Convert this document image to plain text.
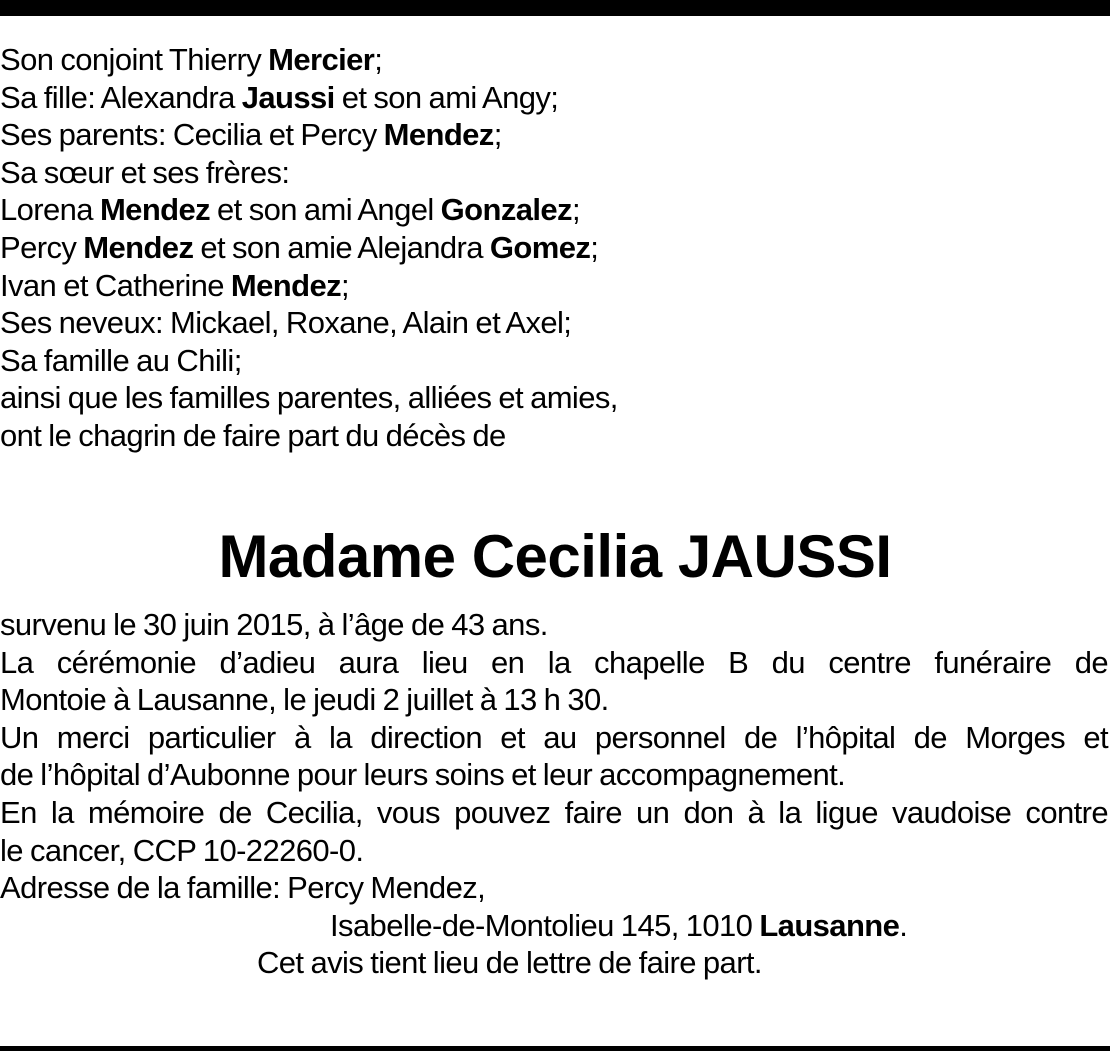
Son conjoint Thierry Mercier;
Sa fille: Alexandra Jaussi et son ami Angy;
Ses parents: Cecilia et Percy Mendez;
Sa sœur et ses frères:
Lorena Mendez et son ami Angel Gonzalez;
Percy Mendez et son amie Alejandra Gomez;
Ivan et Catherine Mendez;
Ses neveux: Mickael, Roxane, Alain et Axel;
Sa famille au Chili;
ainsi que les familles parentes, alliées et amies,
ont le chagrin de faire part du décès de
Madame Cecilia JAUSSI
survenu le 30 juin 2015, à l’âge de 43 ans.
La cérémonie d’adieu aura lieu en la chapelle B du centre funéraire de
Montoie à Lausanne, le jeudi 2 juillet à 13 h 30.
Un merci particulier à la direction et au personnel de l’hôpital de Morges et
de l’hôpital d’Aubonne pour leurs soins et leur accompagnement.
En la mémoire de Cecilia, vous pouvez faire un don à la ligue vaudoise contre
le cancer, CCP 10-22260-0.
Adresse de la famille: Percy Mendez,
Isabelle-de-Montolieu 145, 1010 Lausanne.
Cet avis tient lieu de lettre de faire part.
